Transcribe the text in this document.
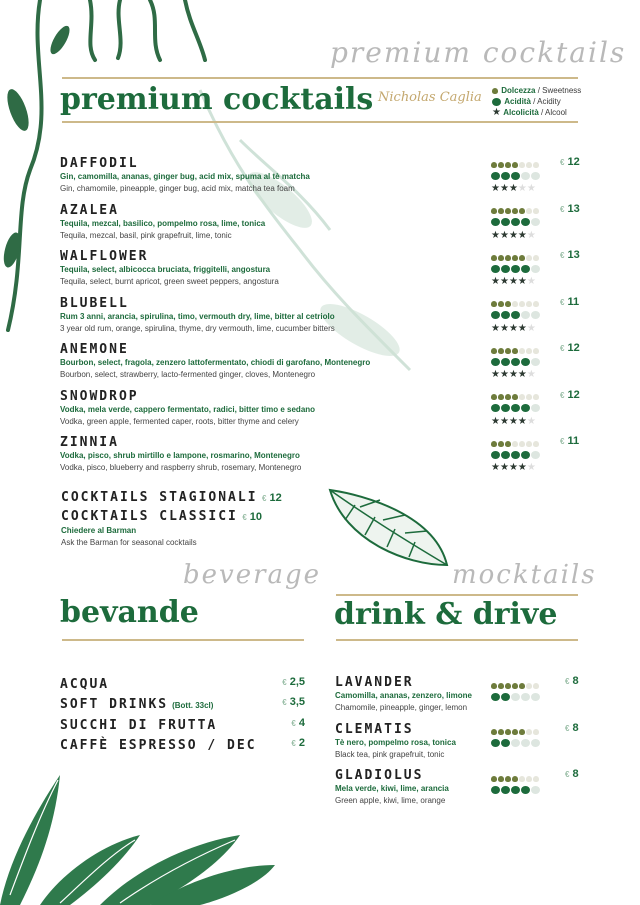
premium cocktails
premium cocktails Nicholas Caglia	Dolcezza / Sweetness
Acidità / Acidity
★ Alcolicità / Alcool
DAFFODIL
Gin, camomilla, ananas, ginger bug, acid mix, spuma al tè matcha
Gin, chamomile, pineapple, ginger bug, acid mix, matcha tea foam	★★★★★
€ 12
AZALEA
Tequila, mezcal, basilico, pompelmo rosa, lime, tonica
Tequila, mezcal, basil, pink grapefruit, lime, tonic	★★★★★
€ 13
WALFLOWER
Tequila, select, albicocca bruciata, friggitelli, angostura
Tequila, select, burnt apricot, green sweet peppers, angostura	★★★★★
€ 13
BLUBELL
Rum 3 anni, arancia, spirulina, timo, vermouth dry, lime, bitter al cetriolo
3 year old rum, orange, spirulina, thyme, dry vermouth, lime, cucumber bitters	★★★★★
€ 11
ANEMONE
Bourbon, select, fragola, zenzero lattofermentato, chiodi di garofano, Montenegro
Bourbon, select, strawberry, lacto-fermented ginger, cloves, Montenegro	★★★★★
€ 12
SNOWDROP
Vodka, mela verde, cappero fermentato, radici, bitter timo e sedano
Vodka, green apple, fermented caper, roots, bitter thyme and celery	★★★★★
€ 12
ZINNIA
Vodka, pisco, shrub mirtillo e lampone, rosmarino, Montenegro
Vodka, pisco, blueberry and raspberry shrub, rosemary, Montenegro	★★★★★
€ 11
COCKTAILS STAGIONALI € 12
COCKTAILS CLASSICI € 10
Chiedere al Barman
Ask the Barman for seasonal cocktails
beverage
bevande
ACQUA	€ 2,5
SOFT DRINKS (Bott. 33cl)	€ 3,5
SUCCHI DI FRUTTA	€ 4
CAFFÈ ESPRESSO / DEC	€ 2
mocktails
drink & drive
LAVANDER
Camomilla, ananas, zenzero, limone
Chamomile, pineapple, ginger, lemon
€ 8
CLEMATIS
Tè nero, pompelmo rosa, tonica
Black tea, pink grapefruit, tonic
€ 8
GLADIOLUS
Mela verde, kiwi, lime, arancia
Green apple, kiwi, lime, orange
€ 8
